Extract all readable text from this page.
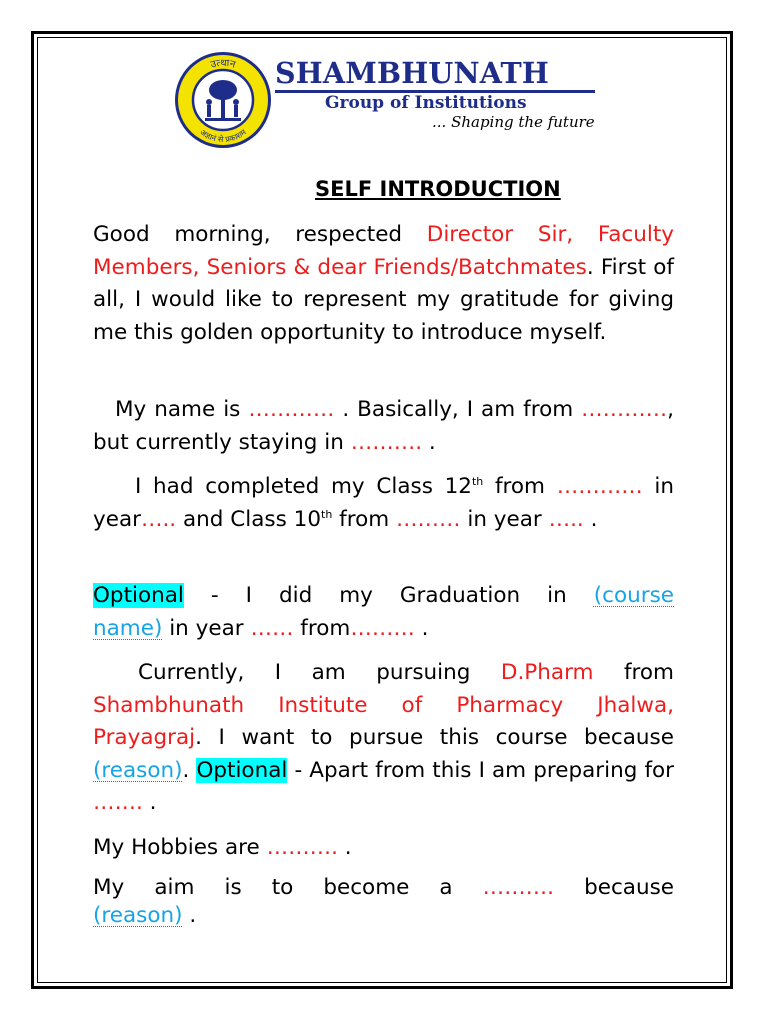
उत्थान
अज्ञानं से प्रकाशम
SHAMBHUNATH
Group of Institutions
... Shaping the future
SELF INTRODUCTION
Good morning, respected Director Sir, Faculty Members, Seniors & dear Friends/Batchmates. First of all, I would like to represent my gratitude for giving me this golden opportunity to introduce myself.
My name is ………… . Basically, I am from …………, but currently staying in ………. .
I had completed my Class 12th from ………… in year….. and Class 10th from ……… in year ….. .
Optional - I did my Graduation in (course
name) in year …… from……… .
Currently, I am pursuing D.Pharm from Shambhunath Institute of Pharmacy Jhalwa, Prayagraj. I want to pursue this course because (reason). Optional - Apart from this I am preparing for ……. .
My Hobbies are ………. .
My aim is to become a ………. because
(reason) .
